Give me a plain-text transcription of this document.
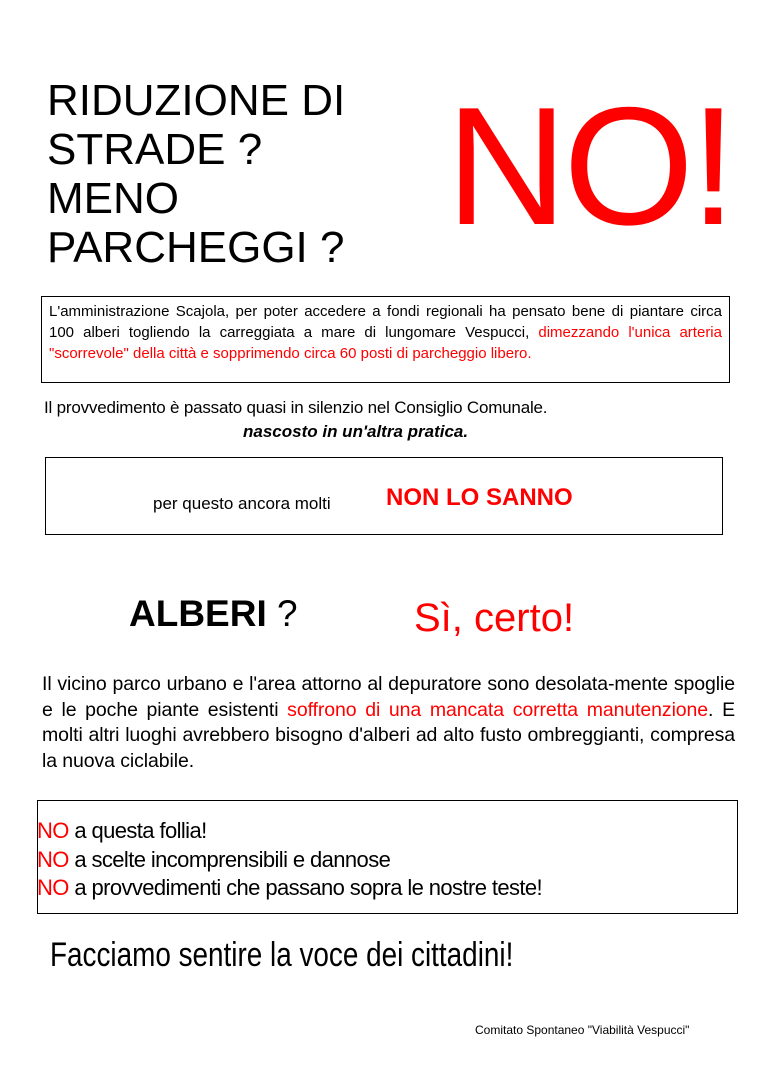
RIDUZIONE DI
STRADE ?
MENO
PARCHEGGI ? NO!
L'amministrazione Scajola, per poter accedere a fondi regionali ha pensato bene di piantare circa 100 alberi togliendo la carreggiata a mare di lungomare Vespucci, dimezzando l'unica arteria "scorrevole" della città e sopprimendo circa 60 posti di parcheggio libero.
Il provvedimento è passato quasi in silenzio nel Consiglio Comunale.
nascosto in un'altra pratica.
per questo ancora molti NON LO SANNO
ALBERI ?	Sì, certo!
Il vicino parco urbano e l'area attorno al depuratore sono desolata-mente spoglie e le poche piante esistenti soffrono di una mancata corretta manutenzione. E molti altri luoghi avrebbero bisogno d'alberi ad alto fusto ombreggianti, compresa la nuova ciclabile.
NO a questa follia!
NO a scelte incomprensibili e dannose
NO a provvedimenti che passano sopra le nostre teste!
Facciamo sentire la voce dei cittadini!
Comitato Spontaneo "Viabilità Vespucci"
